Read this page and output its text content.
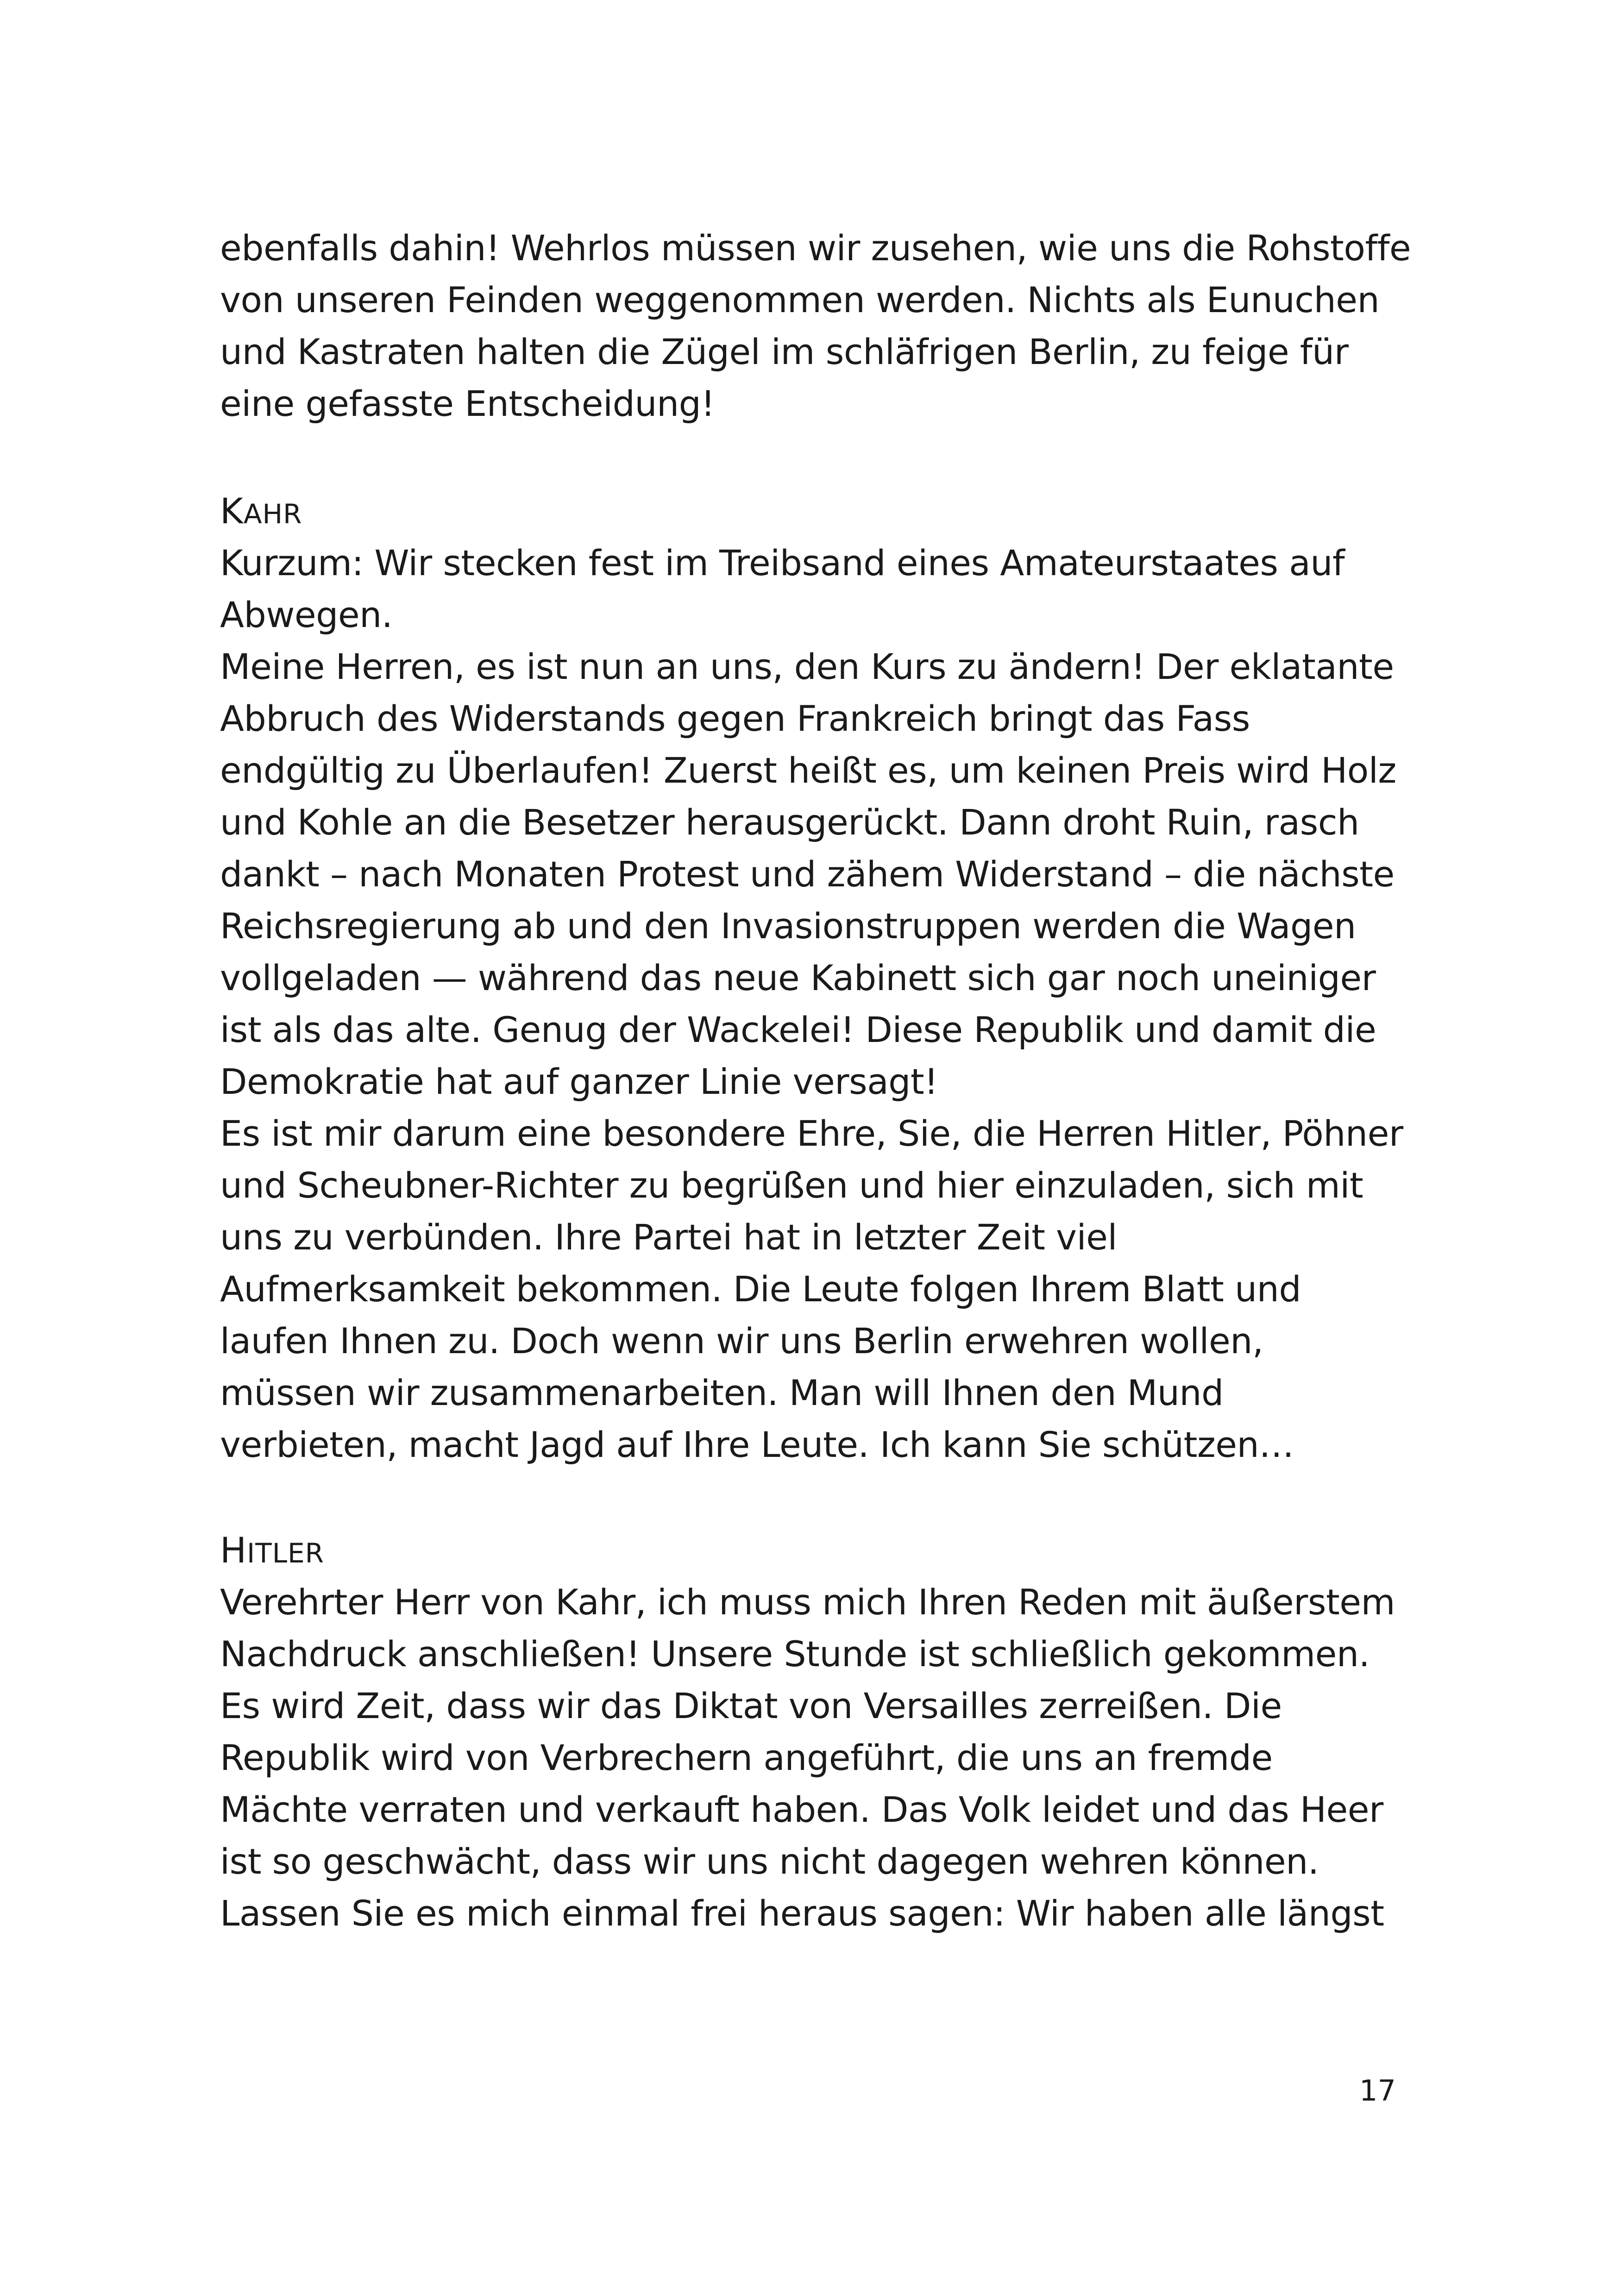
ebenfalls dahin! Wehrlos müssen wir zusehen, wie uns die Rohstoffe
von unseren Feinden weggenommen werden. Nichts als Eunuchen
und Kastraten halten die Zügel im schläfrigen Berlin, zu feige für
eine gefasste Entscheidung!
KAHR
Kurzum: Wir stecken fest im Treibsand eines Amateurstaates auf
Abwegen.
Meine Herren, es ist nun an uns, den Kurs zu ändern! Der eklatante
Abbruch des Widerstands gegen Frankreich bringt das Fass
endgültig zu Überlaufen! Zuerst heißt es, um keinen Preis wird Holz
und Kohle an die Besetzer herausgerückt. Dann droht Ruin, rasch
dankt – nach Monaten Protest und zähem Widerstand – die nächste
Reichsregierung ab und den Invasionstruppen werden die Wagen
vollgeladen — während das neue Kabinett sich gar noch uneiniger
ist als das alte. Genug der Wackelei! Diese Republik und damit die
Demokratie hat auf ganzer Linie versagt!
Es ist mir darum eine besondere Ehre, Sie, die Herren Hitler, Pöhner
und Scheubner-Richter zu begrüßen und hier einzuladen, sich mit
uns zu verbünden. Ihre Partei hat in letzter Zeit viel
Aufmerksamkeit bekommen. Die Leute folgen Ihrem Blatt und
laufen Ihnen zu. Doch wenn wir uns Berlin erwehren wollen,
müssen wir zusammenarbeiten. Man will Ihnen den Mund
verbieten, macht Jagd auf Ihre Leute. Ich kann Sie schützen…
HITLER
Verehrter Herr von Kahr, ich muss mich Ihren Reden mit äußerstem
Nachdruck anschließen! Unsere Stunde ist schließlich gekommen.
Es wird Zeit, dass wir das Diktat von Versailles zerreißen. Die
Republik wird von Verbrechern angeführt, die uns an fremde
Mächte verraten und verkauft haben. Das Volk leidet und das Heer
ist so geschwächt, dass wir uns nicht dagegen wehren können.
Lassen Sie es mich einmal frei heraus sagen: Wir haben alle längst
17
